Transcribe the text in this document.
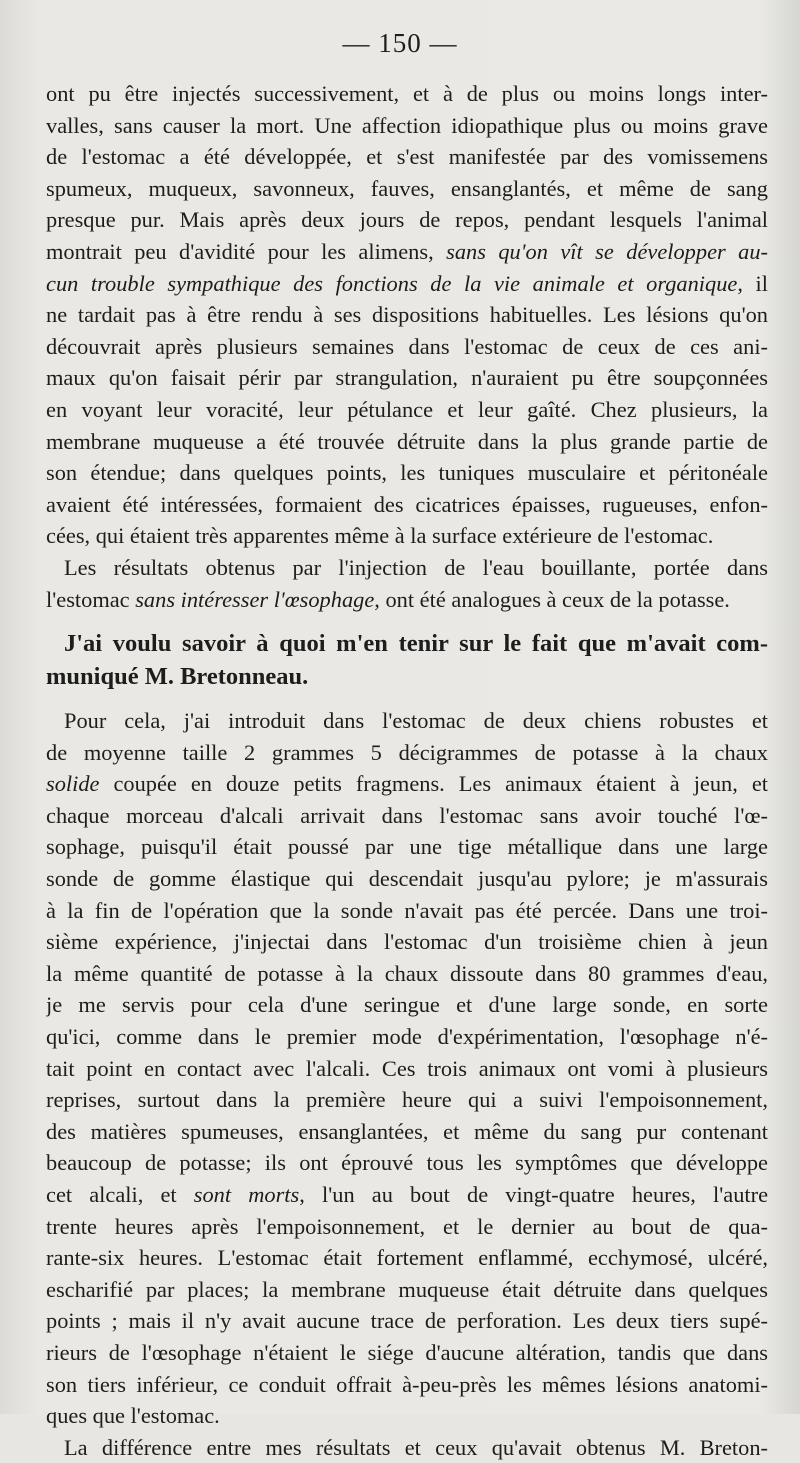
— 150 —
ont pu être injectés successivement, et à de plus ou moins longs inter-
valles, sans causer la mort. Une affection idiopathique plus ou moins grave
de l'estomac a été développée, et s'est manifestée par des vomissemens
spumeux, muqueux, savonneux, fauves, ensanglantés, et même de sang
presque pur. Mais après deux jours de repos, pendant lesquels l'animal
montrait peu d'avidité pour les alimens, sans qu'on vît se développer au-
cun trouble sympathique des fonctions de la vie animale et organique, il
ne tardait pas à être rendu à ses dispositions habituelles. Les lésions qu'on
découvrait après plusieurs semaines dans l'estomac de ceux de ces ani-
maux qu'on faisait périr par strangulation, n'auraient pu être soupçonnées
en voyant leur voracité, leur pétulance et leur gaîté. Chez plusieurs, la
membrane muqueuse a été trouvée détruite dans la plus grande partie de
son étendue; dans quelques points, les tuniques musculaire et péritonéale
avaient été intéressées, formaient des cicatrices épaisses, rugueuses, enfon-
cées, qui étaient très apparentes même à la surface extérieure de l'estomac.
Les résultats obtenus par l'injection de l'eau bouillante, portée dans
l'estomac sans intéresser l'œsophage, ont été analogues à ceux de la potasse.
J'ai voulu savoir à quoi m'en tenir sur le fait que m'avait com-
muniqué M. Bretonneau.
Pour cela, j'ai introduit dans l'estomac de deux chiens robustes et
de moyenne taille 2 grammes 5 décigrammes de potasse à la chaux
solide coupée en douze petits fragmens. Les animaux étaient à jeun, et
chaque morceau d'alcali arrivait dans l'estomac sans avoir touché l'œ-
sophage, puisqu'il était poussé par une tige métallique dans une large
sonde de gomme élastique qui descendait jusqu'au pylore; je m'assurais
à la fin de l'opération que la sonde n'avait pas été percée. Dans une troi-
sième expérience, j'injectai dans l'estomac d'un troisième chien à jeun
la même quantité de potasse à la chaux dissoute dans 80 grammes d'eau,
je me servis pour cela d'une seringue et d'une large sonde, en sorte
qu'ici, comme dans le premier mode d'expérimentation, l'œsophage n'é-
tait point en contact avec l'alcali. Ces trois animaux ont vomi à plusieurs
reprises, surtout dans la première heure qui a suivi l'empoisonnement,
des matières spumeuses, ensanglantées, et même du sang pur contenant
beaucoup de potasse; ils ont éprouvé tous les symptômes que développe
cet alcali, et sont morts, l'un au bout de vingt-quatre heures, l'autre
trente heures après l'empoisonnement, et le dernier au bout de qua-
rante-six heures. L'estomac était fortement enflammé, ecchymosé, ulcéré,
escharifié par places; la membrane muqueuse était détruite dans quelques
points ; mais il n'y avait aucune trace de perforation. Les deux tiers supé-
rieurs de l'œsophage n'étaient le siége d'aucune altération, tandis que dans
son tiers inférieur, ce conduit offrait à-peu-près les mêmes lésions anatomi-
ques que l'estomac.
La différence entre mes résultats et ceux qu'avait obtenus M. Breton-
